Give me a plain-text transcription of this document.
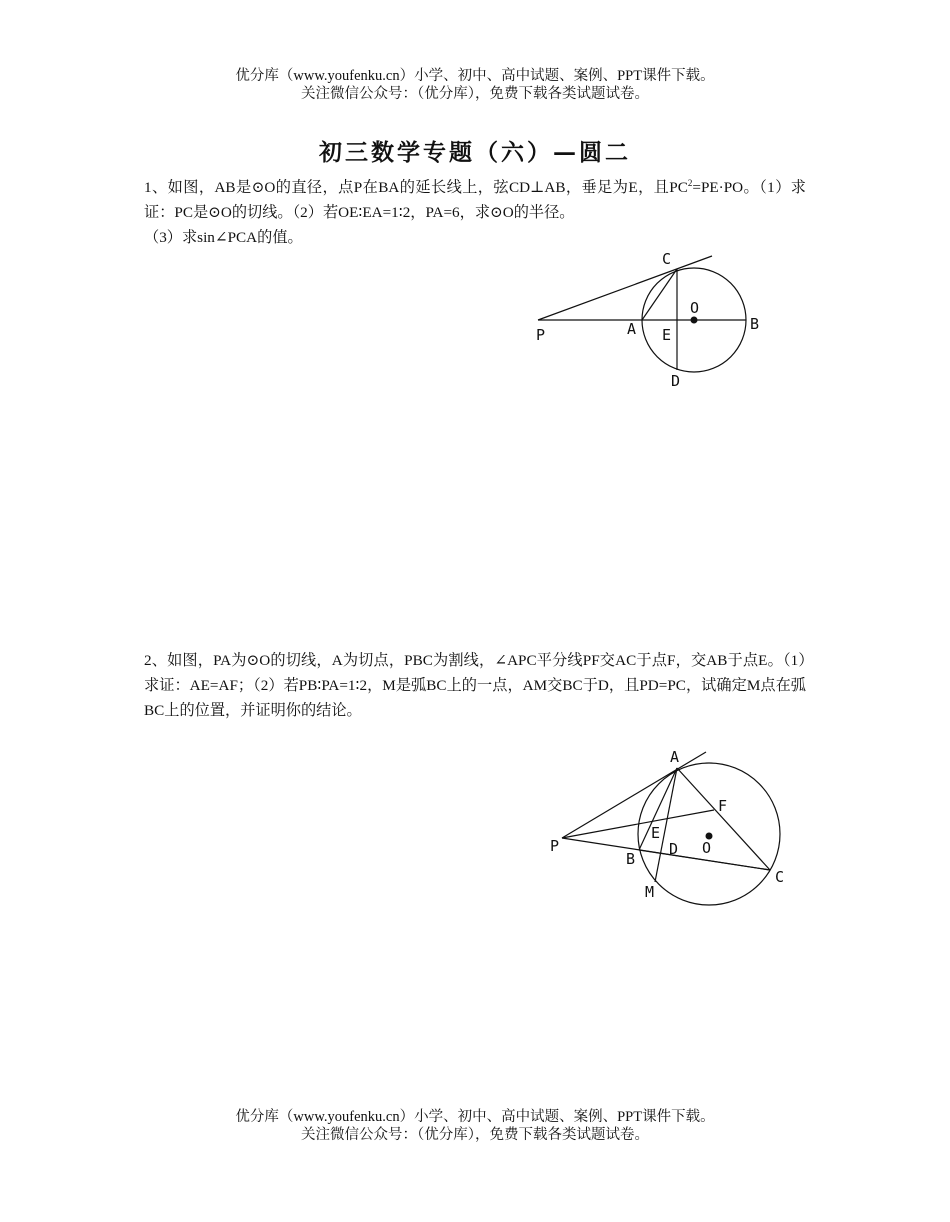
优分库（www.youfenku.cn）小学、初中、高中试题、案例、PPT课件下载。
关注微信公众号：（优分库），免费下载各类试题试卷。
初三数学专题（六）—圆二

1、如图，AB是⊙O的直径，点P在BA的延长线上，弦CD⊥AB，垂足为E，且$PC^2=PE\cdot PO$。（1）求证：PC是⊙O的切线。（2）若OE∶EA=1∶2，PA=6，求⊙O的半径。

（3）求sin∠PCA的值。

C
O
P	A E
B
D

2、如图，PA为⊙O的切线，A为切点，PBC为割线，∠APC平分线PF交AC于点F，交AB于点E。（1）求证：AE=AF；（2）若PB∶PA=1∶2，M是弧BC上的一点，AM交BC于D，且PD=PC，试确定M点在弧BC上的位置，并证明你的结论。

A
F
E
P
B
D O
C
M
优分库（www.youfenku.cn）小学、初中、高中试题、案例、PPT课件下载。
关注微信公众号：（优分库），免费下载各类试题试卷。
